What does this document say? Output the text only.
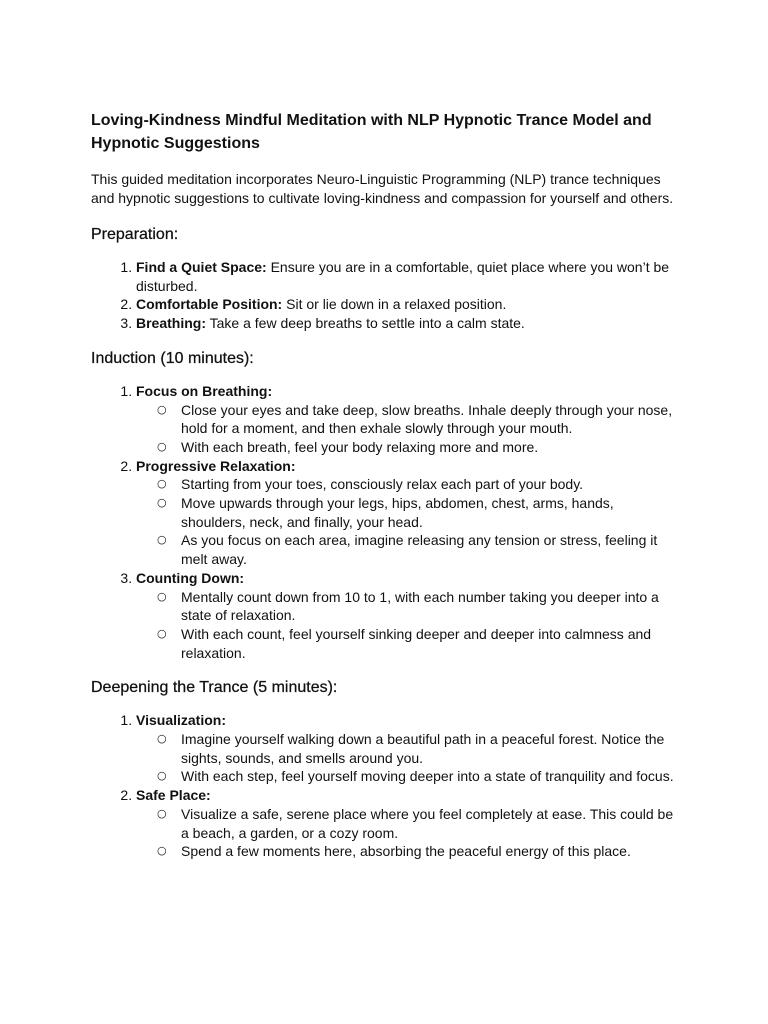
Loving-Kindness Mindful Meditation with NLP Hypnotic Trance Model and Hypnotic Suggestions

This guided meditation incorporates Neuro-Linguistic Programming (NLP) trance techniques and hypnotic suggestions to cultivate loving-kindness and compassion for yourself and others.

Preparation:
1. Find a Quiet Space: Ensure you are in a comfortable, quiet place where you won’t be disturbed.
2. Comfortable Position: Sit or lie down in a relaxed position.
3. Breathing: Take a few deep breaths to settle into a calm state.
Induction (10 minutes):
1. Focus on Breathing:
○ Close your eyes and take deep, slow breaths. Inhale deeply through your nose, hold for a moment, and then exhale slowly through your mouth.
○ With each breath, feel your body relaxing more and more.
2. Progressive Relaxation:
○ Starting from your toes, consciously relax each part of your body.
○ Move upwards through your legs, hips, abdomen, chest, arms, hands, shoulders, neck, and finally, your head.
○ As you focus on each area, imagine releasing any tension or stress, feeling it melt away.
3. Counting Down:
○ Mentally count down from 10 to 1, with each number taking you deeper into a state of relaxation.
○ With each count, feel yourself sinking deeper and deeper into calmness and relaxation.
Deepening the Trance (5 minutes):
1. Visualization:
○ Imagine yourself walking down a beautiful path in a peaceful forest. Notice the sights, sounds, and smells around you.
○ With each step, feel yourself moving deeper into a state of tranquility and focus.
2. Safe Place:
○ Visualize a safe, serene place where you feel completely at ease. This could be a beach, a garden, or a cozy room.
○ Spend a few moments here, absorbing the peaceful energy of this place.
